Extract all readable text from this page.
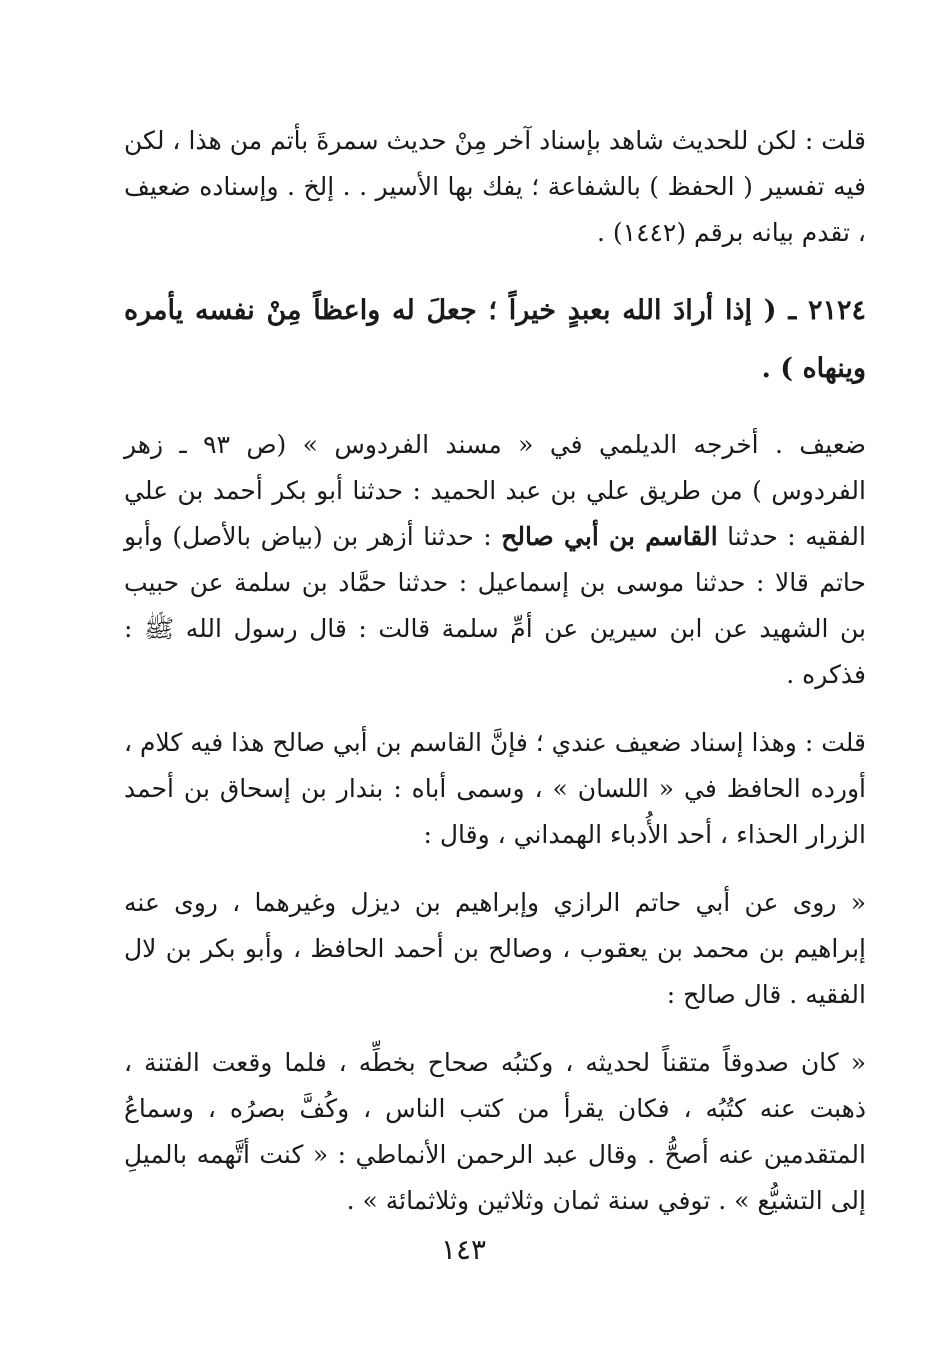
قلت : لكن للحديث شاهد بإسناد آخر مِنْ حديث سمرةَ بأتم من هذا ، لكن فيه تفسير ( الحفظ ) بالشفاعة ؛ يفك بها الأسير . . إلخ . وإسناده ضعيف ، تقدم بيانه برقم (١٤٤٢) .

٢١٢٤ ـ ( إذا أرادَ الله بعبدٍ خيراً ؛ جعلَ له واعظاً مِنْ نفسه يأمره وينهاه ) .

ضعيف . أخرجه الديلمي في « مسند الفردوس » (ص ٩٣ ـ زهر الفردوس ) من طريق علي بن عبد الحميد : حدثنا أبو بكر أحمد بن علي الفقيه : حدثنا القاسم بن أبي صالح : حدثنا أزهر بن (بياض بالأصل) وأبو حاتم قالا : حدثنا موسى بن إسماعيل : حدثنا حمَّاد بن سلمة عن حبيب بن الشهيد عن ابن سيرين عن أمِّ سلمة قالت : قال رسول الله ﷺ : فذكره .

قلت : وهذا إسناد ضعيف عندي ؛ فإنَّ القاسم بن أبي صالح هذا فيه كلام ، أورده الحافظ في « اللسان » ، وسمى أباه : بندار بن إسحاق بن أحمد الزرار الحذاء ، أحد الأُدباء الهمداني ، وقال :

« روى عن أبي حاتم الرازي وإبراهيم بن ديزل وغيرهما ، روى عنه إبراهيم بن محمد بن يعقوب ، وصالح بن أحمد الحافظ ، وأبو بكر بن لال الفقيه . قال صالح :

« كان صدوقاً متقناً لحديثه ، وكتبُه صحاح بخطِّه ، فلما وقعت الفتنة ، ذهبت عنه كتُبُه ، فكان يقرأ من كتب الناس ، وكُفَّ بصرُه ، وسماعُ المتقدمين عنه أصحُّ . وقال عبد الرحمن الأنماطي : « كنت أتَّهمه بالميلِ إلى التشيُّع » . توفي سنة ثمان وثلاثين وثلاثمائة » .

١٤٣
